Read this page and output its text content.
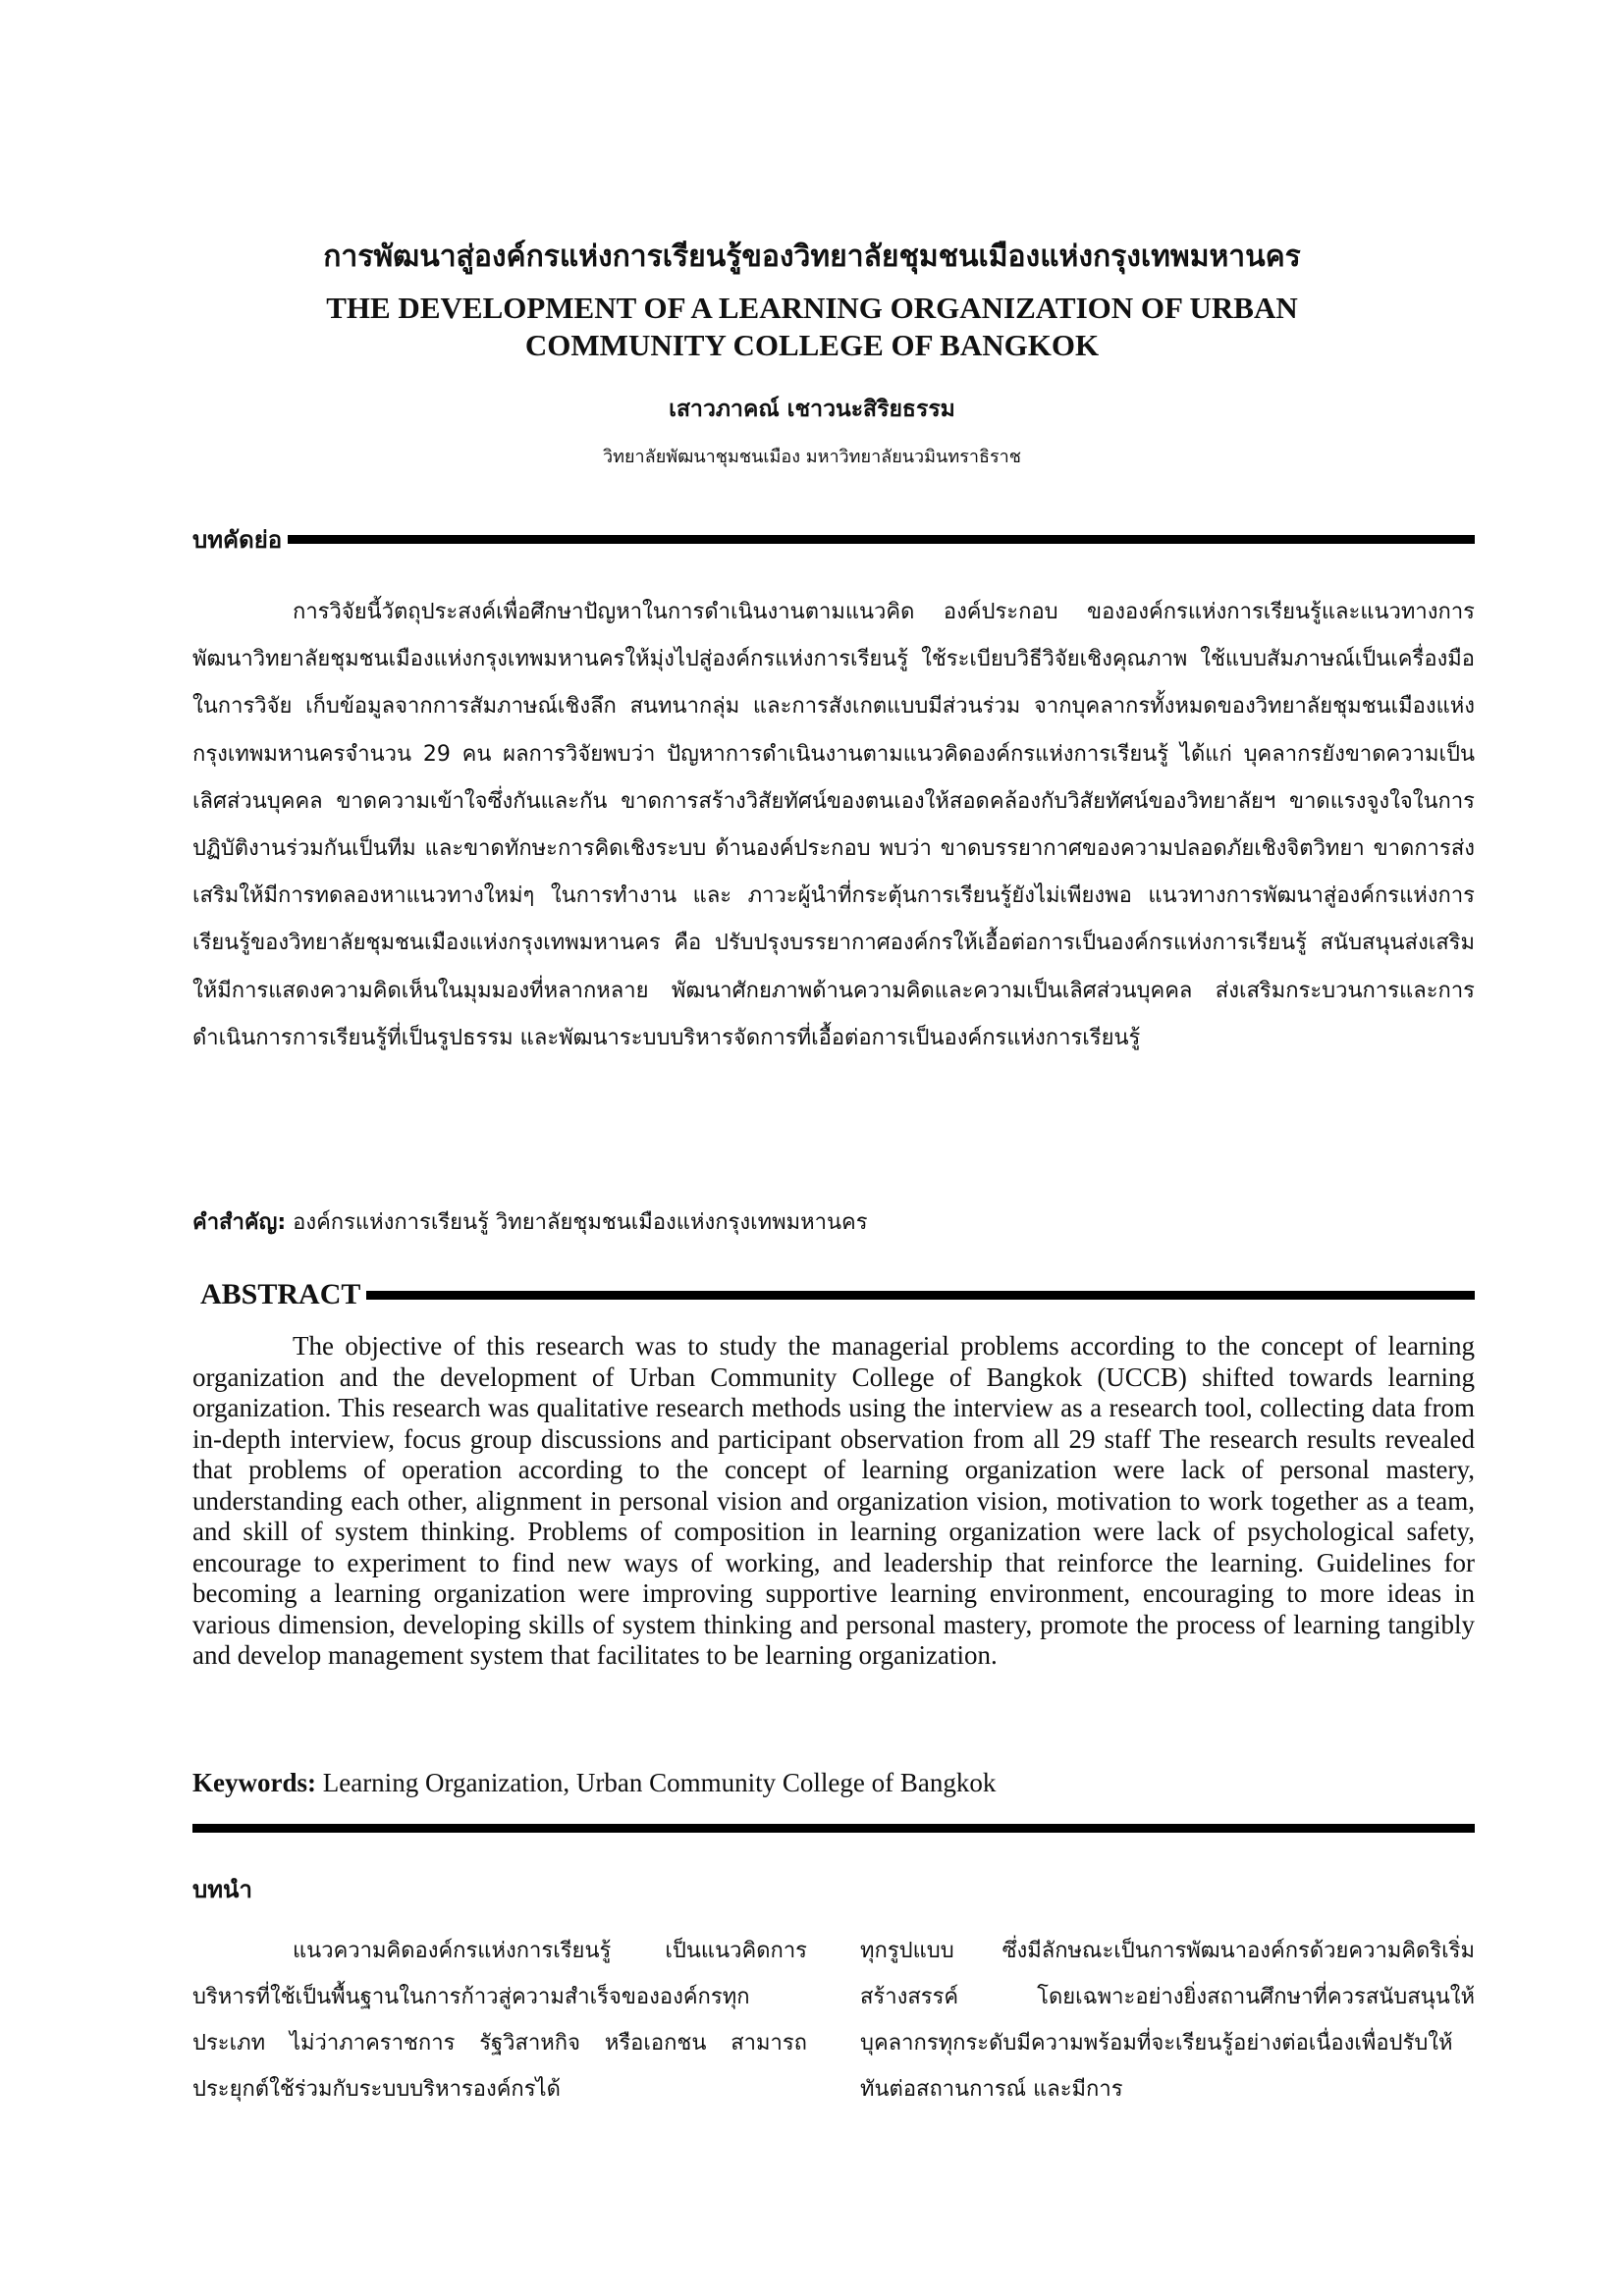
การพัฒนาสู่องค์กรแห่งการเรียนรู้ของวิทยาลัยชุมชนเมืองแห่งกรุงเทพมหานคร
THE DEVELOPMENT OF A LEARNING ORGANIZATION OF URBAN
COMMUNITY COLLEGE OF BANGKOK
เสาวภาคณ์ เชาวนะสิริยธรรม
วิทยาลัยพัฒนาชุมชนเมือง มหาวิทยาลัยนวมินทราธิราช
บทคัดย่อ

การวิจัยนี้วัตถุประสงค์เพื่อศึกษาปัญหาในการดำเนินงานตามแนวคิด องค์ประกอบ ขององค์กรแห่งการเรียนรู้และแนวทางการพัฒนาวิทยาลัยชุมชนเมืองแห่งกรุงเทพมหานครให้มุ่งไปสู่องค์กรแห่งการเรียนรู้ ใช้ระเบียบวิธีวิจัยเชิงคุณภาพ ใช้แบบสัมภาษณ์เป็นเครื่องมือในการวิจัย เก็บข้อมูลจากการสัมภาษณ์เชิงลึก สนทนากลุ่ม และการสังเกตแบบมีส่วนร่วม จากบุคลากรทั้งหมดของวิทยาลัยชุมชนเมืองแห่งกรุงเทพมหานครจำนวน 29 คน ผลการวิจัยพบว่า ปัญหาการดำเนินงานตามแนวคิดองค์กรแห่งการเรียนรู้ ได้แก่ บุคลากรยังขาดความเป็นเลิศส่วนบุคคล ขาดความเข้าใจซึ่งกันและกัน ขาดการสร้างวิสัยทัศน์ของตนเองให้สอดคล้องกับวิสัยทัศน์ของวิทยาลัยฯ ขาดแรงจูงใจในการปฏิบัติงานร่วมกันเป็นทีม และขาดทักษะการคิดเชิงระบบ ด้านองค์ประกอบ พบว่า ขาดบรรยากาศของความปลอดภัยเชิงจิตวิทยา ขาดการส่งเสริมให้มีการทดลองหาแนวทางใหม่ๆ ในการทำงาน และ ภาวะผู้นำที่กระตุ้นการเรียนรู้ยังไม่เพียงพอ แนวทางการพัฒนาสู่องค์กรแห่งการเรียนรู้ของวิทยาลัยชุมชนเมืองแห่งกรุงเทพมหานคร คือ ปรับปรุงบรรยากาศองค์กรให้เอื้อต่อการเป็นองค์กรแห่งการเรียนรู้ สนับสนุนส่งเสริมให้มีการแสดงความคิดเห็นในมุมมองที่หลากหลาย พัฒนาศักยภาพด้านความคิดและความเป็นเลิศส่วนบุคคล ส่งเสริมกระบวนการและการดำเนินการการเรียนรู้ที่เป็นรูปธรรม และพัฒนาระบบบริหารจัดการที่เอื้อต่อการเป็นองค์กรแห่งการเรียนรู้

คำสำคัญ: องค์กรแห่งการเรียนรู้ วิทยาลัยชุมชนเมืองแห่งกรุงเทพมหานคร

ABSTRACT

The objective of this research was to study the managerial problems according to the concept of learning organization and the development of Urban Community College of Bangkok (UCCB) shifted towards learning organization. This research was qualitative research methods using the interview as a research tool, collecting data from in-depth interview, focus group discussions and participant observation from all 29 staff The research results revealed that problems of operation according to the concept of learning organization were lack of personal mastery, understanding each other, alignment in personal vision and organization vision, motivation to work together as a team, and skill of system thinking. Problems of composition in learning organization were lack of psychological safety, encourage to experiment to find new ways of working, and leadership that reinforce the learning. Guidelines for becoming a learning organization were improving supportive learning environment, encouraging to more ideas in various dimension, developing skills of system thinking and personal mastery, promote the process of learning tangibly and develop management system that facilitates to be learning organization.

Keywords: Learning Organization, Urban Community College of Bangkok

บทนำ

แนวความคิดองค์กรแห่งการเรียนรู้ เป็นแนวคิดการบริหารที่ใช้เป็นพื้นฐานในการก้าวสู่ความสำเร็จขององค์กรทุกประเภท ไม่ว่าภาคราชการ รัฐวิสาหกิจ หรือเอกชน สามารถประยุกต์ใช้ร่วมกับระบบบริหารองค์กรได้

ทุกรูปแบบ ซึ่งมีลักษณะเป็นการพัฒนาองค์กรด้วยความคิดริเริ่มสร้างสรรค์ โดยเฉพาะอย่างยิ่งสถานศึกษาที่ควรสนับสนุนให้บุคลากรทุกระดับมีความพร้อมที่จะเรียนรู้อย่างต่อเนื่องเพื่อปรับให้ทันต่อสถานการณ์ และมีการ
